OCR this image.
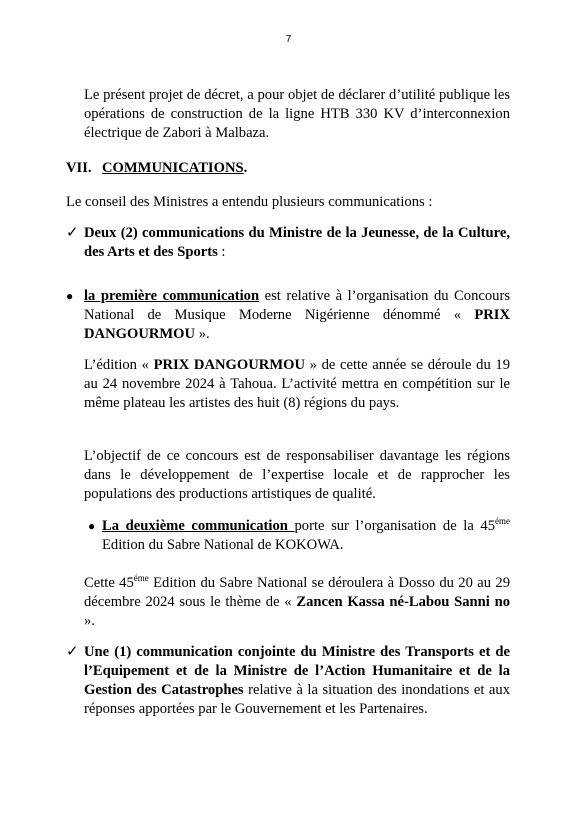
7

Le présent projet de décret, a pour objet de déclarer d’utilité publique les opérations de construction de la ligne HTB 330 KV d’interconnexion électrique de Zabori à Malbaza.

VII. COMMUNICATIONS.

Le conseil des Ministres a entendu plusieurs communications :

✓ Deux (2) communications du Ministre de la Jeunesse, de la Culture, des Arts et des Sports :

● la première communication est relative à l’organisation du Concours National de Musique Moderne Nigérienne dénommé « PRIX DANGOURMOU ».

L’édition « PRIX DANGOURMOU » de cette année se déroule du 19 au 24 novembre 2024 à Tahoua. L’activité mettra en compétition sur le même plateau les artistes des huit (8) régions du pays.

L’objectif de ce concours est de responsabiliser davantage les régions dans le développement de l’expertise locale et de rapprocher les populations des productions artistiques de qualité.

● La deuxième communication porte sur l’organisation de la $45^{éme}$ Edition du Sabre National de KOKOWA.

Cette $45^{éme}$ Edition du Sabre National se déroulera à Dosso du 20 au 29 décembre 2024 sous le thème de « Zancen Kassa né-Labou Sanni no ».

✓ Une (1) communication conjointe du Ministre des Transports et de l’Equipement et de la Ministre de l’Action Humanitaire et de la Gestion des Catastrophes relative à la situation des inondations et aux réponses apportées par le Gouvernement et les Partenaires.
